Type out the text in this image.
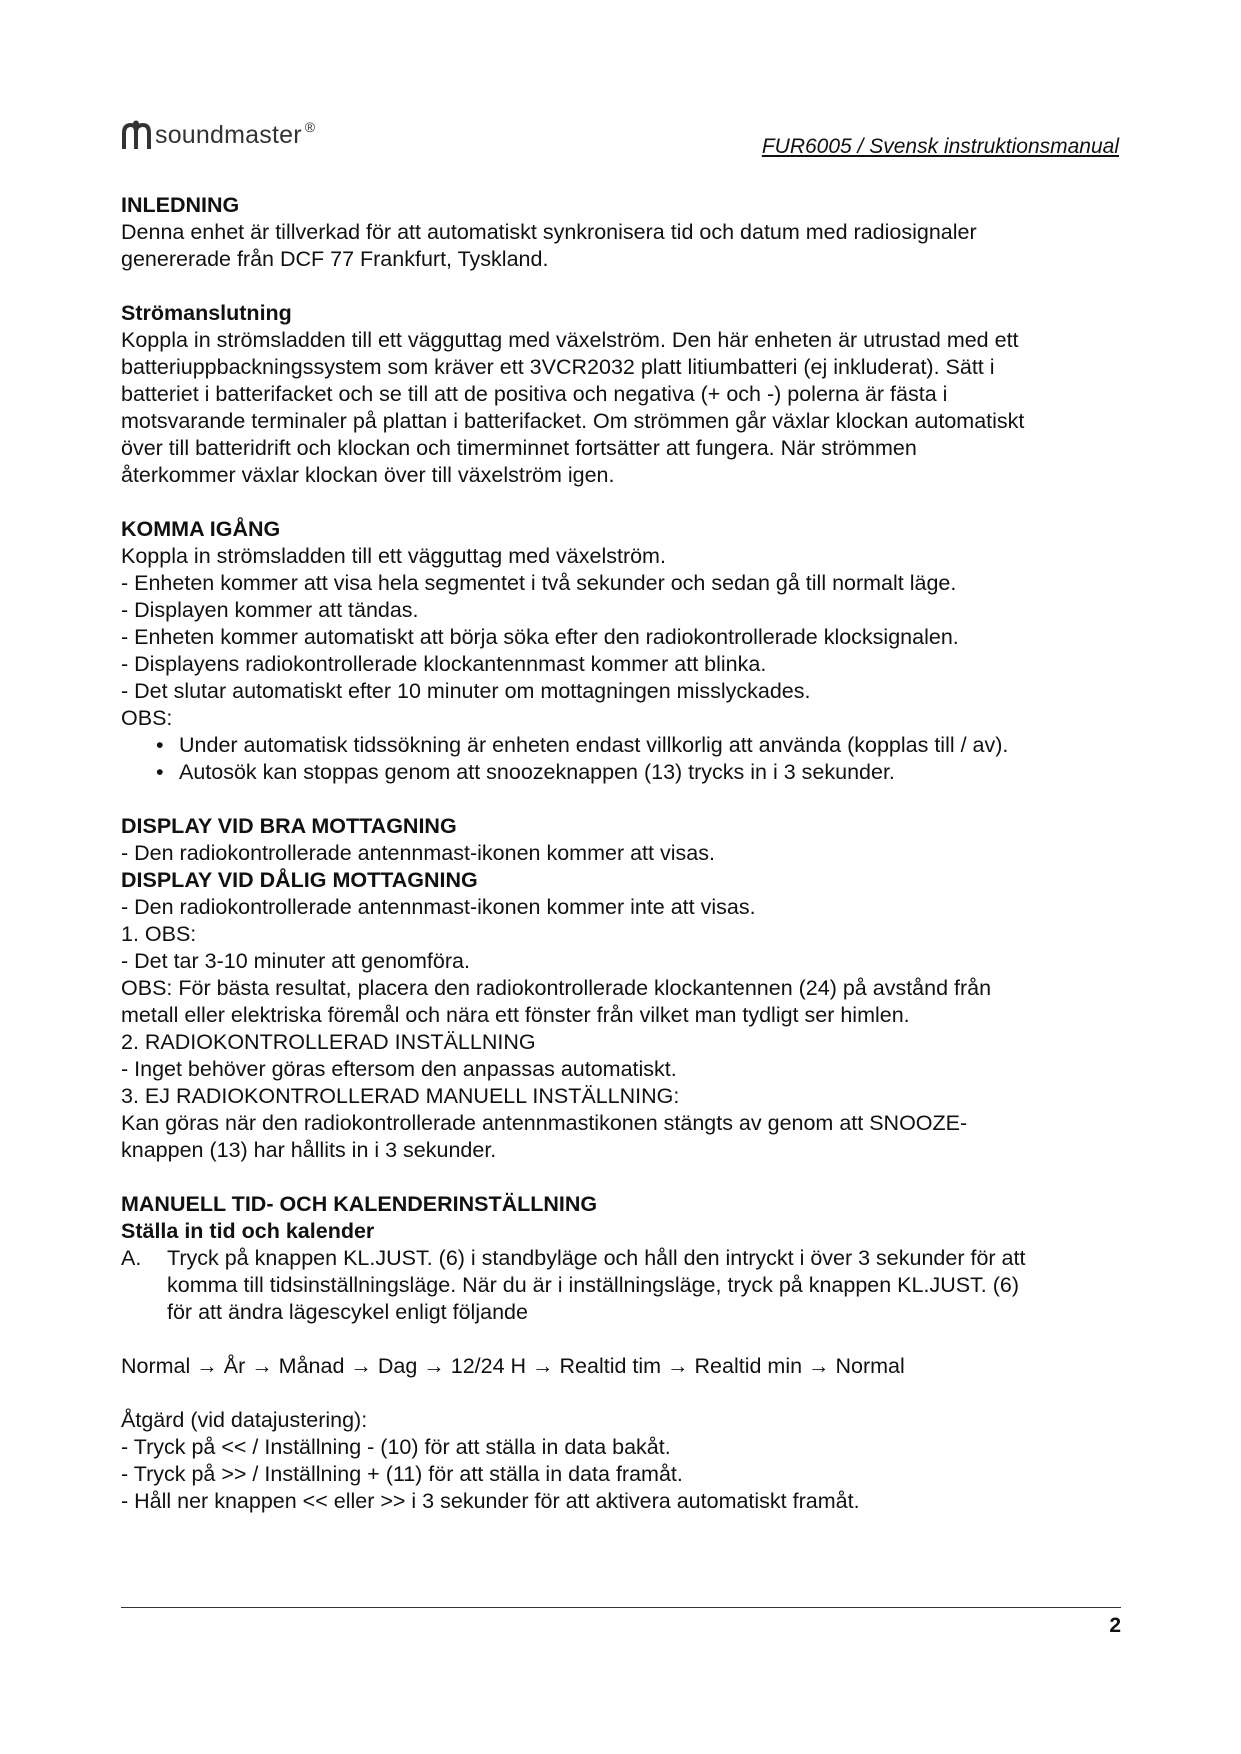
soundmaster ®
FUR6005 / Svensk instruktionsmanual

INLEDNING

Denna enhet är tillverkad för att automatiskt synkronisera tid och datum med radiosignaler

genererade från DCF 77 Frankfurt, Tyskland.

Strömanslutning

Koppla in strömsladden till ett vägguttag med växelström. Den här enheten är utrustad med ett

batteriuppbackningssystem som kräver ett 3VCR2032 platt litiumbatteri (ej inkluderat). Sätt i

batteriet i batterifacket och se till att de positiva och negativa (+ och -) polerna är fästa i

motsvarande terminaler på plattan i batterifacket. Om strömmen går växlar klockan automatiskt

över till batteridrift och klockan och timerminnet fortsätter att fungera. När strömmen

återkommer växlar klockan över till växelström igen.

KOMMA IGÅNG

Koppla in strömsladden till ett vägguttag med växelström.

- Enheten kommer att visa hela segmentet i två sekunder och sedan gå till normalt läge.

- Displayen kommer att tändas.

- Enheten kommer automatiskt att börja söka efter den radiokontrollerade klocksignalen.

- Displayens radiokontrollerade klockantennmast kommer att blinka.

- Det slutar automatiskt efter 10 minuter om mottagningen misslyckades.

OBS:

• Under automatisk tidssökning är enheten endast villkorlig att använda (kopplas till / av).
• Autosök kan stoppas genom att snoozeknappen (13) trycks in i 3 sekunder.

DISPLAY VID BRA MOTTAGNING

- Den radiokontrollerade antennmast-ikonen kommer att visas.

DISPLAY VID DÅLIG MOTTAGNING

- Den radiokontrollerade antennmast-ikonen kommer inte att visas.

1. OBS:

- Det tar 3-10 minuter att genomföra.

OBS: För bästa resultat, placera den radiokontrollerade klockantennen (24) på avstånd från

metall eller elektriska föremål och nära ett fönster från vilket man tydligt ser himlen.

2. RADIOKONTROLLERAD INSTÄLLNING

- Inget behöver göras eftersom den anpassas automatiskt.

3. EJ RADIOKONTROLLERAD MANUELL INSTÄLLNING:

Kan göras när den radiokontrollerade antennmastikonen stängts av genom att SNOOZE-

knappen (13) har hållits in i 3 sekunder.

MANUELL TID- OCH KALENDERINSTÄLLNING

Ställa in tid och kalender

A. Tryck på knappen KL.JUST. (6) i standbyläge och håll den intryckt i över 3 sekunder för att
komma till tidsinställningsläge. När du är i inställningsläge, tryck på knappen KL.JUST. (6)
för att ändra lägescykel enligt följande

Normal → År → Månad → Dag → 12/24 H → Realtid tim → Realtid min → Normal

Åtgärd (vid datajustering):

- Tryck på << / Inställning - (10) för att ställa in data bakåt.

- Tryck på >> / Inställning + (11) för att ställa in data framåt.

- Håll ner knappen << eller >> i 3 sekunder för att aktivera automatiskt framåt.

2
